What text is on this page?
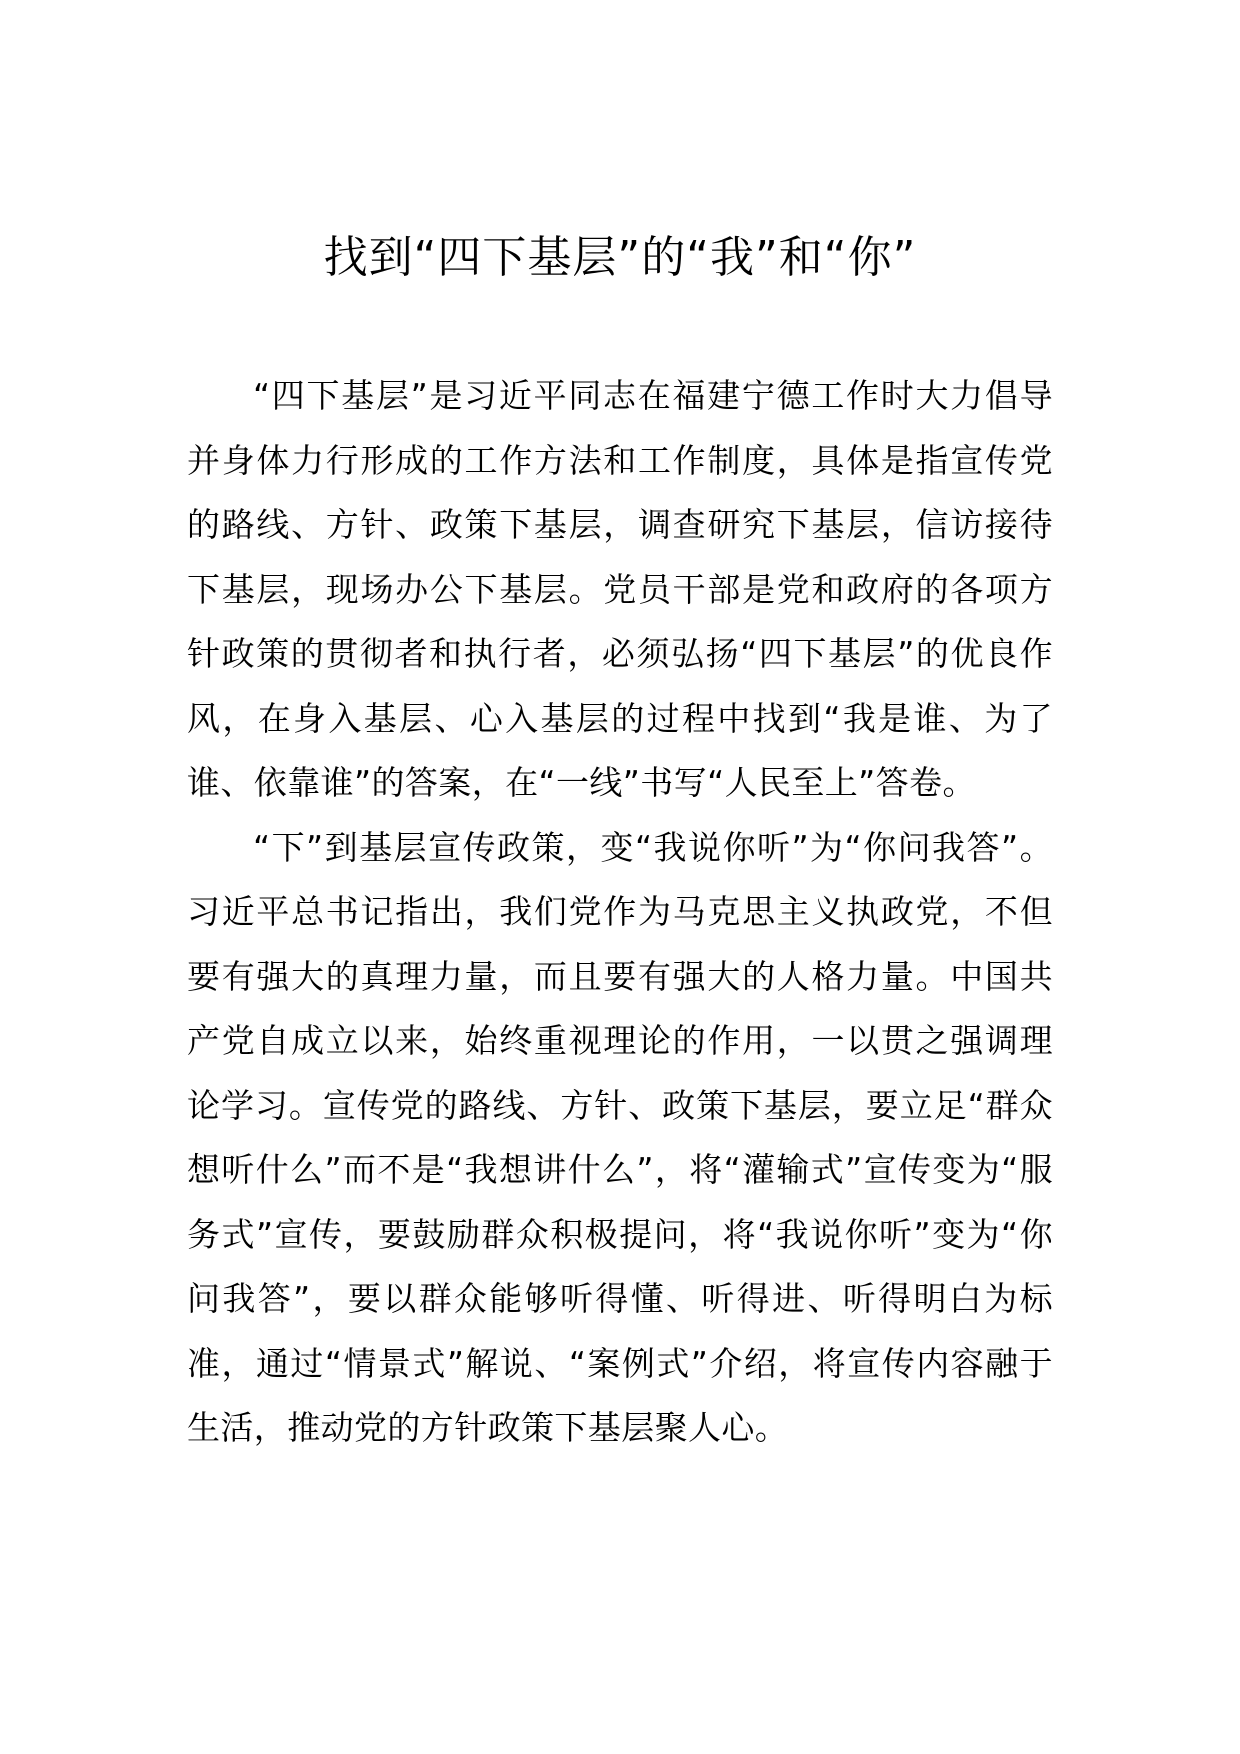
找到“四下基层”的“我”和“你”

“四下基层”是习近平同志在福建宁德工作时大力倡导并身体力行形成的工作方法和工作制度，具体是指宣传党的路线、方针、政策下基层，调查研究下基层，信访接待下基层，现场办公下基层。党员干部是党和政府的各项方针政策的贯彻者和执行者，必须弘扬“四下基层”的优良作风，在身入基层、心入基层的过程中找到“我是谁、为了谁、依靠谁”的答案，在“一线”书写“人民至上”答卷。

“下”到基层宣传政策，变“我说你听”为“你问我答”。习近平总书记指出，我们党作为马克思主义执政党，不但要有强大的真理力量，而且要有强大的人格力量。中国共产党自成立以来，始终重视理论的作用，一以贯之强调理论学习。宣传党的路线、方针、政策下基层，要立足“群众想听什么”而不是“我想讲什么”，将“灌输式”宣传变为“服务式”宣传，要鼓励群众积极提问，将“我说你听”变为“你问我答”，要以群众能够听得懂、听得进、听得明白为标准，通过“情景式”解说、“案例式”介绍，将宣传内容融于生活，推动党的方针政策下基层聚人心。
